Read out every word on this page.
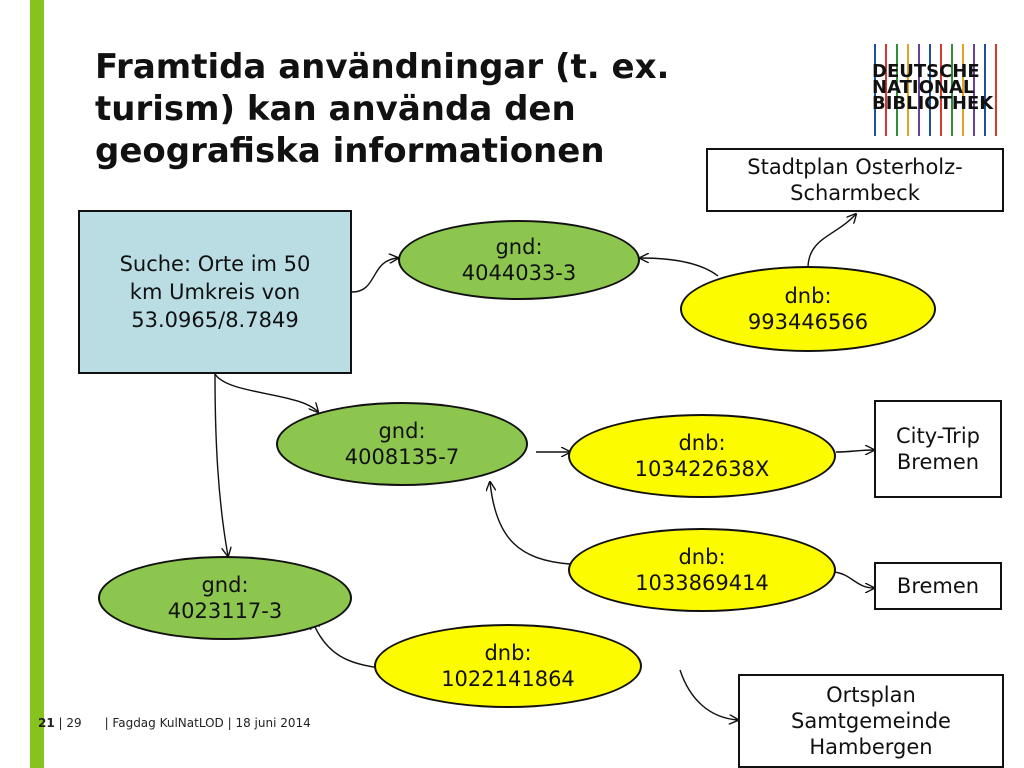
Framtida användningar (t. ex.
turism) kan använda den
geografiska informationen
DEUTSCHE
NATIONAL
BIBLIOTHEK
Suche: Orte im 50
km Umkreis von
53.0965/8.7849
gnd:
4044033-3
gnd:
4008135-7
gnd:
4023117-3
dnb:
993446566
dnb:
103422638X
dnb:
1033869414
dnb:
1022141864
Stadtplan Osterholz-
Scharmbeck
City-Trip
Bremen
Bremen
Ortsplan
Samtgemeinde
Hambergen
21 | 29 | Fagdag KulNatLOD | 18 juni 2014
